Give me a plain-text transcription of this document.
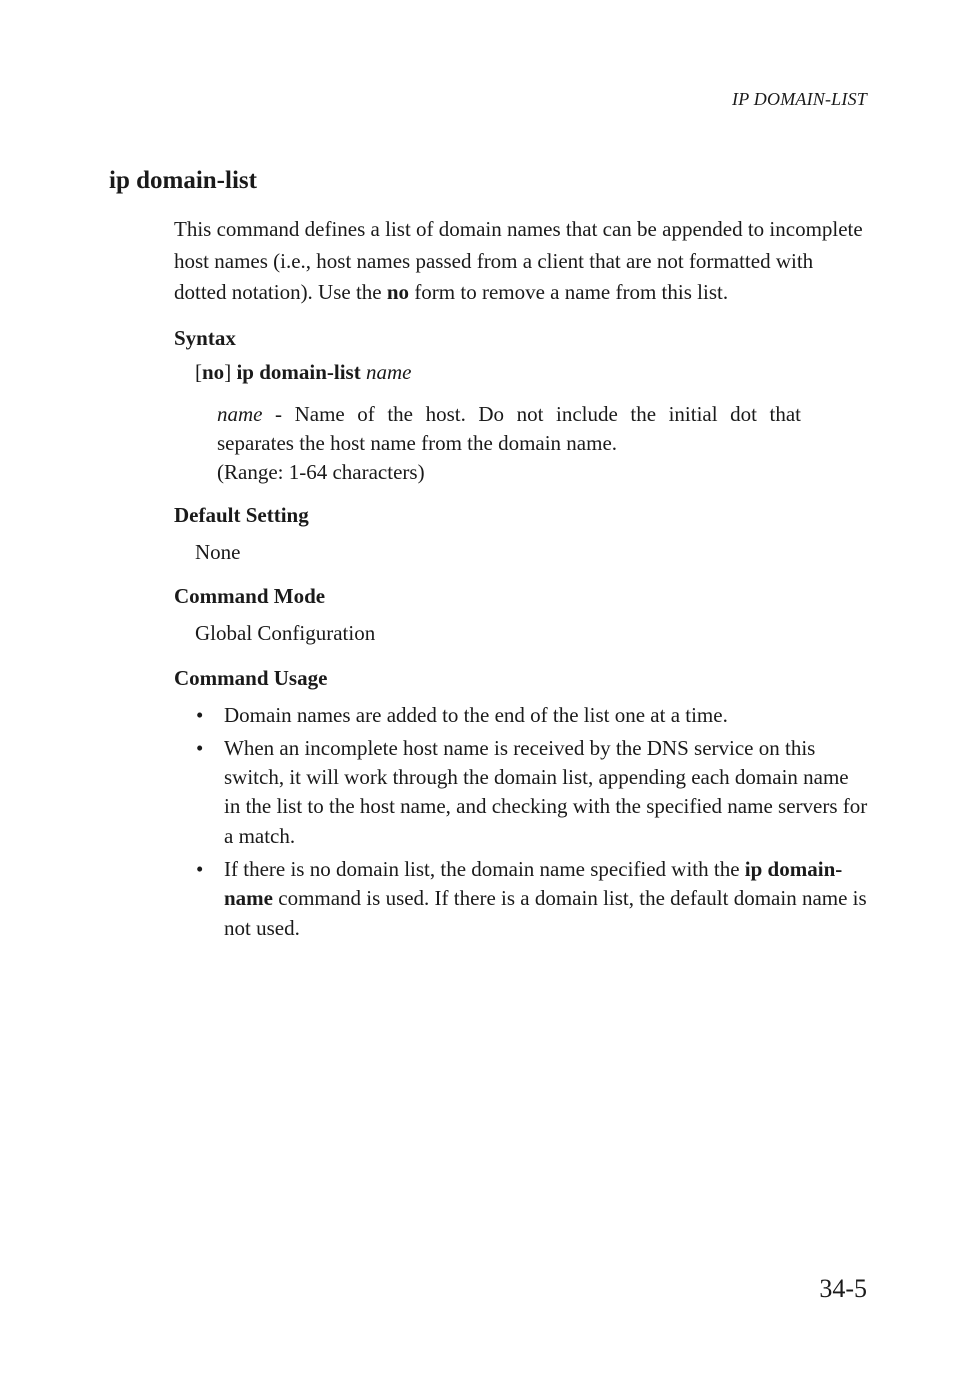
IP DOMAIN-LIST
ip domain-list

This command defines a list of domain names that can be appended to incomplete host names (i.e., host names passed from a client that are not formatted with dotted notation). Use the no form to remove a name from this list.

Syntax

[no] ip domain-list name

name - Name of the host. Do not include the initial dot that
separates the host name from the domain name.
(Range: 1-64 characters)

Default Setting

None

Command Mode

Global Configuration

Command Usage

• Domain names are added to the end of the list one at a time.
• When an incomplete host name is received by the DNS service on this switch, it will work through the domain list, appending each domain name in the list to the host name, and checking with the specified name servers for a match.
• If there is no domain list, the domain name specified with the ip domain-name command is used. If there is a domain list, the default domain name is not used.
34-5
